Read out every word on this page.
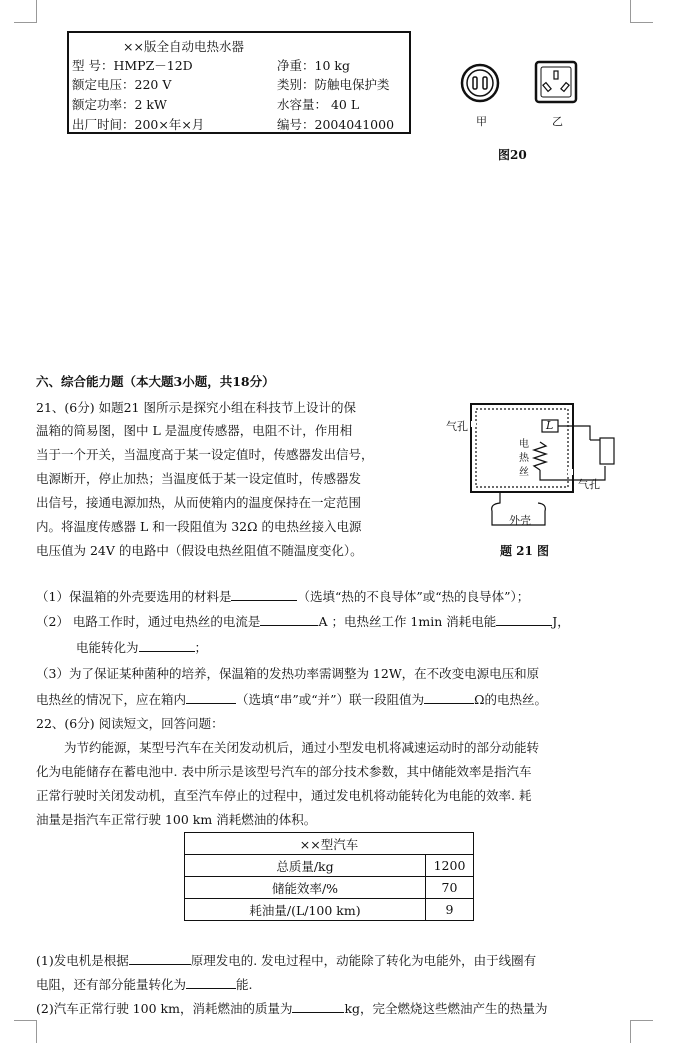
××版全自动电热水器
型 号：HMPZ－12D	净重：10 kg
额定电压：220 V	类别：防触电保护类
额定功率：2 kW	水容量： 40 L
出厂时间：200×年×月	编号：2004041000	甲	乙
图20
六、综合能力题（本大题3小题，共18分）
21、(6分) 如题21 图所示是探究小组在科技节上设计的保
温箱的简易图，图中 L 是温度传感器，电阻不计，作用相
当于一个开关，当温度高于某一设定值时，传感器发出信号，
电源断开，停止加热；当温度低于某一设定值时，传感器发
出信号，接通电源加热，从而使箱内的温度保持在一定范围
内。将温度传感器 L 和一段阻值为 32Ω 的电热丝接入电源
电压值为 24V 的电路中（假设电热丝阻值不随温度变化）。
气孔
气孔
L
电热丝
外壳
题 21 图
（1）保温箱的外壳要选用的材料是	（选填“热的不良导体”或“热的良导体”）；
（2） 电路工作时，通过电热丝的电流是	A ；电热丝工作 1min 消耗电能	J，
电能转化为	；
（3）为了保证某种菌种的培养，保温箱的发热功率需调整为 12W，在不改变电源电压和原
电热丝的情况下，应在箱内	（选填“串”或“并”）联一段阻值为	Ω的电热丝。
22、(6分) 阅读短文，回答问题：
为节约能源，某型号汽车在关闭发动机后，通过小型发电机将减速运动时的部分动能转
化为电能储存在蓄电池中. 表中所示是该型号汽车的部分技术参数，其中储能效率是指汽车
正常行驶时关闭发动机，直至汽车停止的过程中，通过发电机将动能转化为电能的效率. 耗
油量是指汽车正常行驶 100 km 消耗燃油的体积。
××型汽车	
总质量/kg	1200
储能效率/%	70
耗油量/(L/100 km)	9
(1)发电机是根据	原理发电的. 发电过程中，动能除了转化为电能外，由于线圈有
电阻，还有部分能量转化为	能.
(2)汽车正常行驶 100 km，消耗燃油的质量为	kg，完全燃烧这些燃油产生的热量为
